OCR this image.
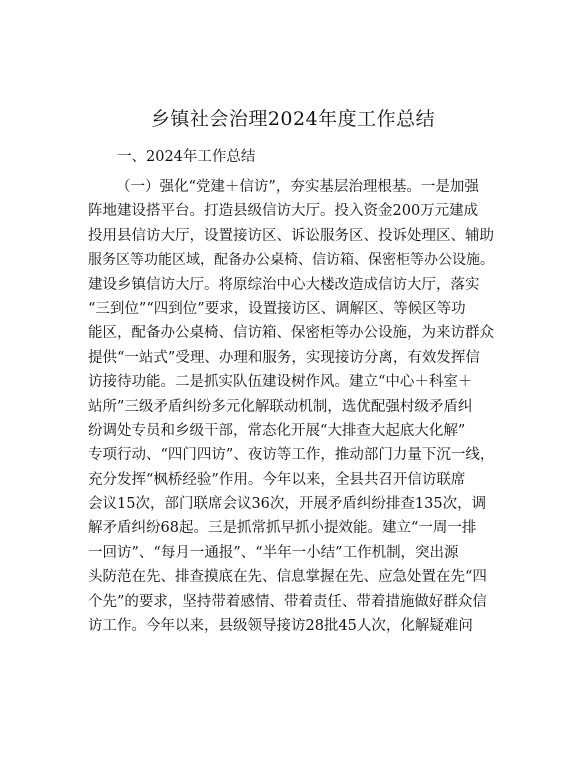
乡镇社会治理2024年度工作总结
一、2024年工作总结
（一）强化“党建＋信访”，夯实基层治理根基。一是加强
阵地建设搭平台。打造县级信访大厅。投入资金200万元建成
投用县信访大厅，设置接访区、诉讼服务区、投诉处理区、辅助
服务区等功能区域，配备办公桌椅、信访箱、保密柜等办公设施。
建设乡镇信访大厅。将原综治中心大楼改造成信访大厅，落实
“三到位”“四到位”要求，设置接访区、调解区、等候区等功
能区，配备办公桌椅、信访箱、保密柜等办公设施，为来访群众
提供“一站式”受理、办理和服务，实现接访分离，有效发挥信
访接待功能。二是抓实队伍建设树作风。建立“中心＋科室＋
站所”三级矛盾纠纷多元化解联动机制，选优配强村级矛盾纠
纷调处专员和乡级干部，常态化开展“大排查大起底大化解”
专项行动、“四门四访”、夜访等工作，推动部门力量下沉一线，
充分发挥“枫桥经验”作用。今年以来，全县共召开信访联席
会议15次，部门联席会议36次，开展矛盾纠纷排查135次，调
解矛盾纠纷68起。三是抓常抓早抓小提效能。建立“一周一排
一回访”、“每月一通报”、“半年一小结”工作机制，突出源
头防范在先、排查摸底在先、信息掌握在先、应急处置在先“四
个先”的要求，坚持带着感情、带着责任、带着措施做好群众信
访工作。今年以来，县级领导接访28批45人次，化解疑难问
